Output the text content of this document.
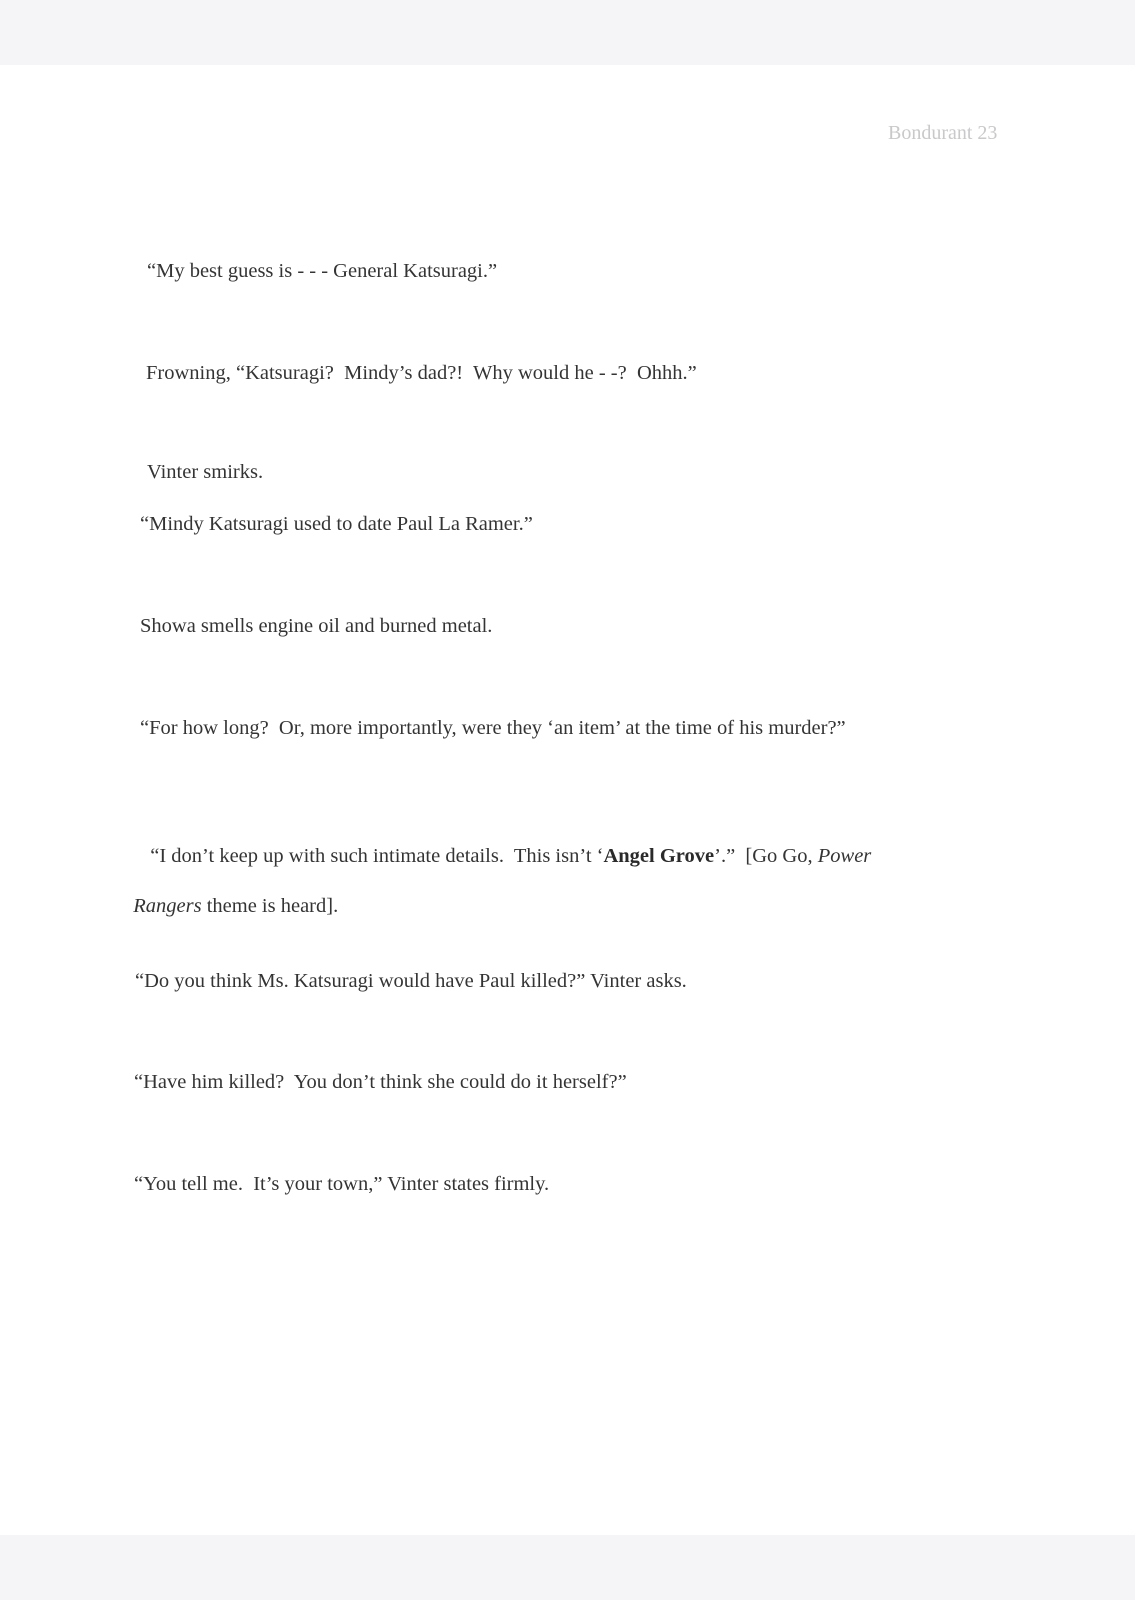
Bondurant 23
“My best guess is - - - General Katsuragi.”
Frowning, “Katsuragi?  Mindy’s dad?!  Why would he - -?  Ohhh.”
Vinter smirks.
“Mindy Katsuragi used to date Paul La Ramer.”
Showa smells engine oil and burned metal.
“For how long?  Or, more importantly, were they ‘an item’ at the time of his murder?”

“I don’t keep up with such intimate details.  This isn’t ‘Angel Grove’.”  [Go Go, Power

Rangers theme is heard].

“Do you think Ms. Katsuragi would have Paul killed?” Vinter asks.
“Have him killed?  You don’t think she could do it herself?”
“You tell me.  It’s your town,” Vinter states firmly.
